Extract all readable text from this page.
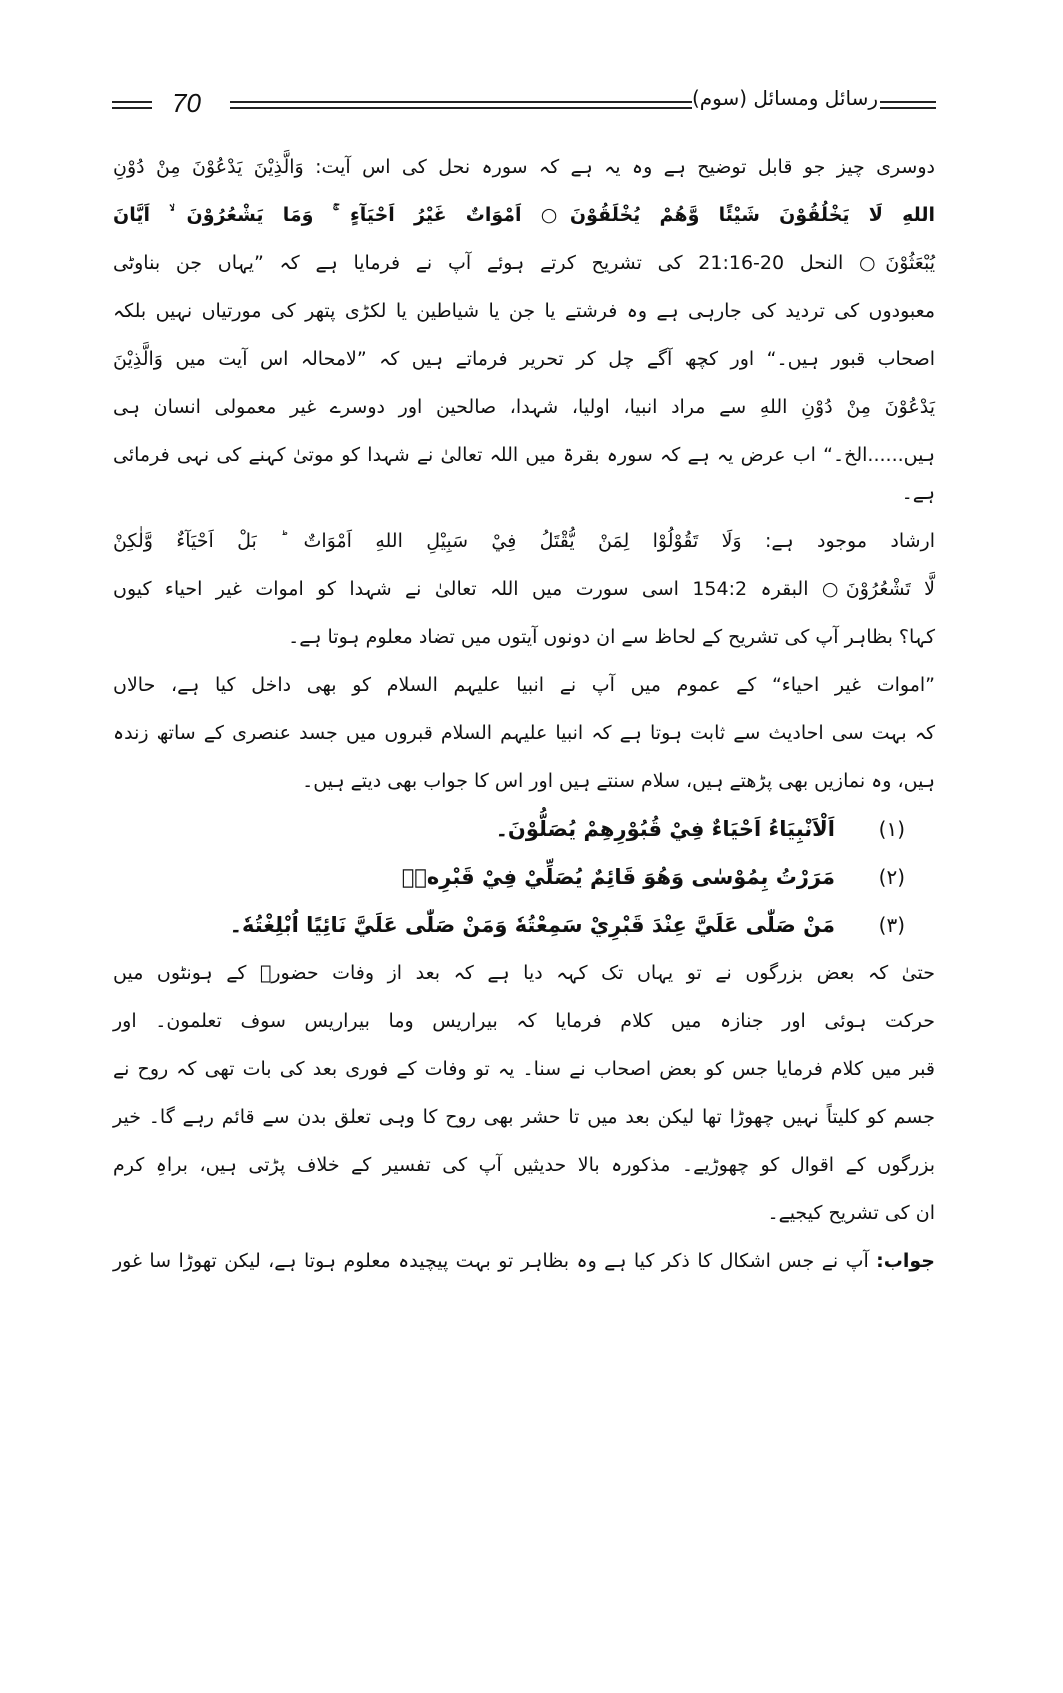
70	رسائل ومسائل (سوم)
دوسری چیز جو قابل توضیح ہے وہ یہ ہے کہ سورہ نحل کی اس آیت: وَالَّذِيْنَ يَدْعُوْنَ مِنْ دُوْنِ
اللهِ لَا يَخْلُقُوْنَ شَيْئًا وَّهُمْ يُخْلَقُوْنَ○ اَمْوَاتٌ غَيْرُ اَحْيَآءٍ ۚ وَمَا يَشْعُرُوْنَ ۙ اَيَّانَ
يُبْعَثُوْنَ○ النحل 20-21:16 کی تشریح کرتے ہوئے آپ نے فرمایا ہے کہ ”یہاں جن بناوٹی
معبودوں کی تردید کی جارہی ہے وہ فرشتے یا جن یا شیاطین یا لکڑی پتھر کی مورتیاں نہیں بلکہ
اصحاب قبور ہیں۔“ اور کچھ آگے چل کر تحریر فرماتے ہیں کہ ”لامحالہ اس آیت میں وَالَّذِيْنَ
يَدْعُوْنَ مِنْ دُوْنِ اللهِ سے مراد انبیا، اولیا، شہدا، صالحین اور دوسرے غیر معمولی انسان ہی
ہیں......الخ۔“ اب عرض یہ ہے کہ سورہ بقرۃ میں اللہ تعالیٰ نے شہدا کو موتیٰ کہنے کی نہی فرمائی ہے۔
ارشاد موجود ہے: وَلَا تَقُوْلُوْا لِمَنْ يُّقْتَلُ فِيْ سَبِيْلِ اللهِ اَمْوَاتٌ ؕ بَلْ اَحْيَآءٌ وَّلٰكِنْ
لَّا تَشْعُرُوْنَ○ البقرہ 154:2 اسی سورت میں اللہ تعالیٰ نے شہدا کو اموات غیر احیاء کیوں
کہا؟ بظاہر آپ کی تشریح کے لحاظ سے ان دونوں آیتوں میں تضاد معلوم ہوتا ہے۔
”اموات غیر احیاء“ کے عموم میں آپ نے انبیا علیہم السلام کو بھی داخل کیا ہے، حالاں
کہ بہت سی احادیث سے ثابت ہوتا ہے کہ انبیا علیہم السلام قبروں میں جسد عنصری کے ساتھ زندہ
ہیں، وہ نمازیں بھی پڑھتے ہیں، سلام سنتے ہیں اور اس کا جواب بھی دیتے ہیں۔
(۱)
اَلْاَنْبِيَاءُ اَحْيَاءٌ فِيْ قُبُوْرِهِمْ يُصَلُّوْنَ۔
(۲)
مَرَرْتُ بِمُوْسٰى وَهُوَ قَائِمٌ يُصَلِّيْ فِيْ قَبْرِهٖ۔
(۳)
مَنْ صَلّٰى عَلَيَّ عِنْدَ قَبْرِيْ سَمِعْتُهٗ وَمَنْ صَلّٰى عَلَيَّ نَائِيًا اُبْلِغْتُهٗ۔
حتیٰ کہ بعض بزرگوں نے تو یہاں تک کہہ دیا ہے کہ بعد از وفات حضورؐ کے ہونٹوں میں
حرکت ہوئی اور جنازہ میں کلام فرمایا کہ بیراریس وما بیراریس سوف تعلمون۔ اور
قبر میں کلام فرمایا جس کو بعض اصحاب نے سنا۔ یہ تو وفات کے فوری بعد کی بات تھی کہ روح نے
جسم کو کلیتاً نہیں چھوڑا تھا لیکن بعد میں تا حشر بھی روح کا وہی تعلق بدن سے قائم رہے گا۔ خیر
بزرگوں کے اقوال کو چھوڑیے۔ مذکورہ بالا حدیثیں آپ کی تفسیر کے خلاف پڑتی ہیں، براہِ کرم
ان کی تشریح کیجیے۔
جواب: آپ نے جس اشکال کا ذکر کیا ہے وہ بظاہر تو بہت پیچیدہ معلوم ہوتا ہے، لیکن تھوڑا سا غور
